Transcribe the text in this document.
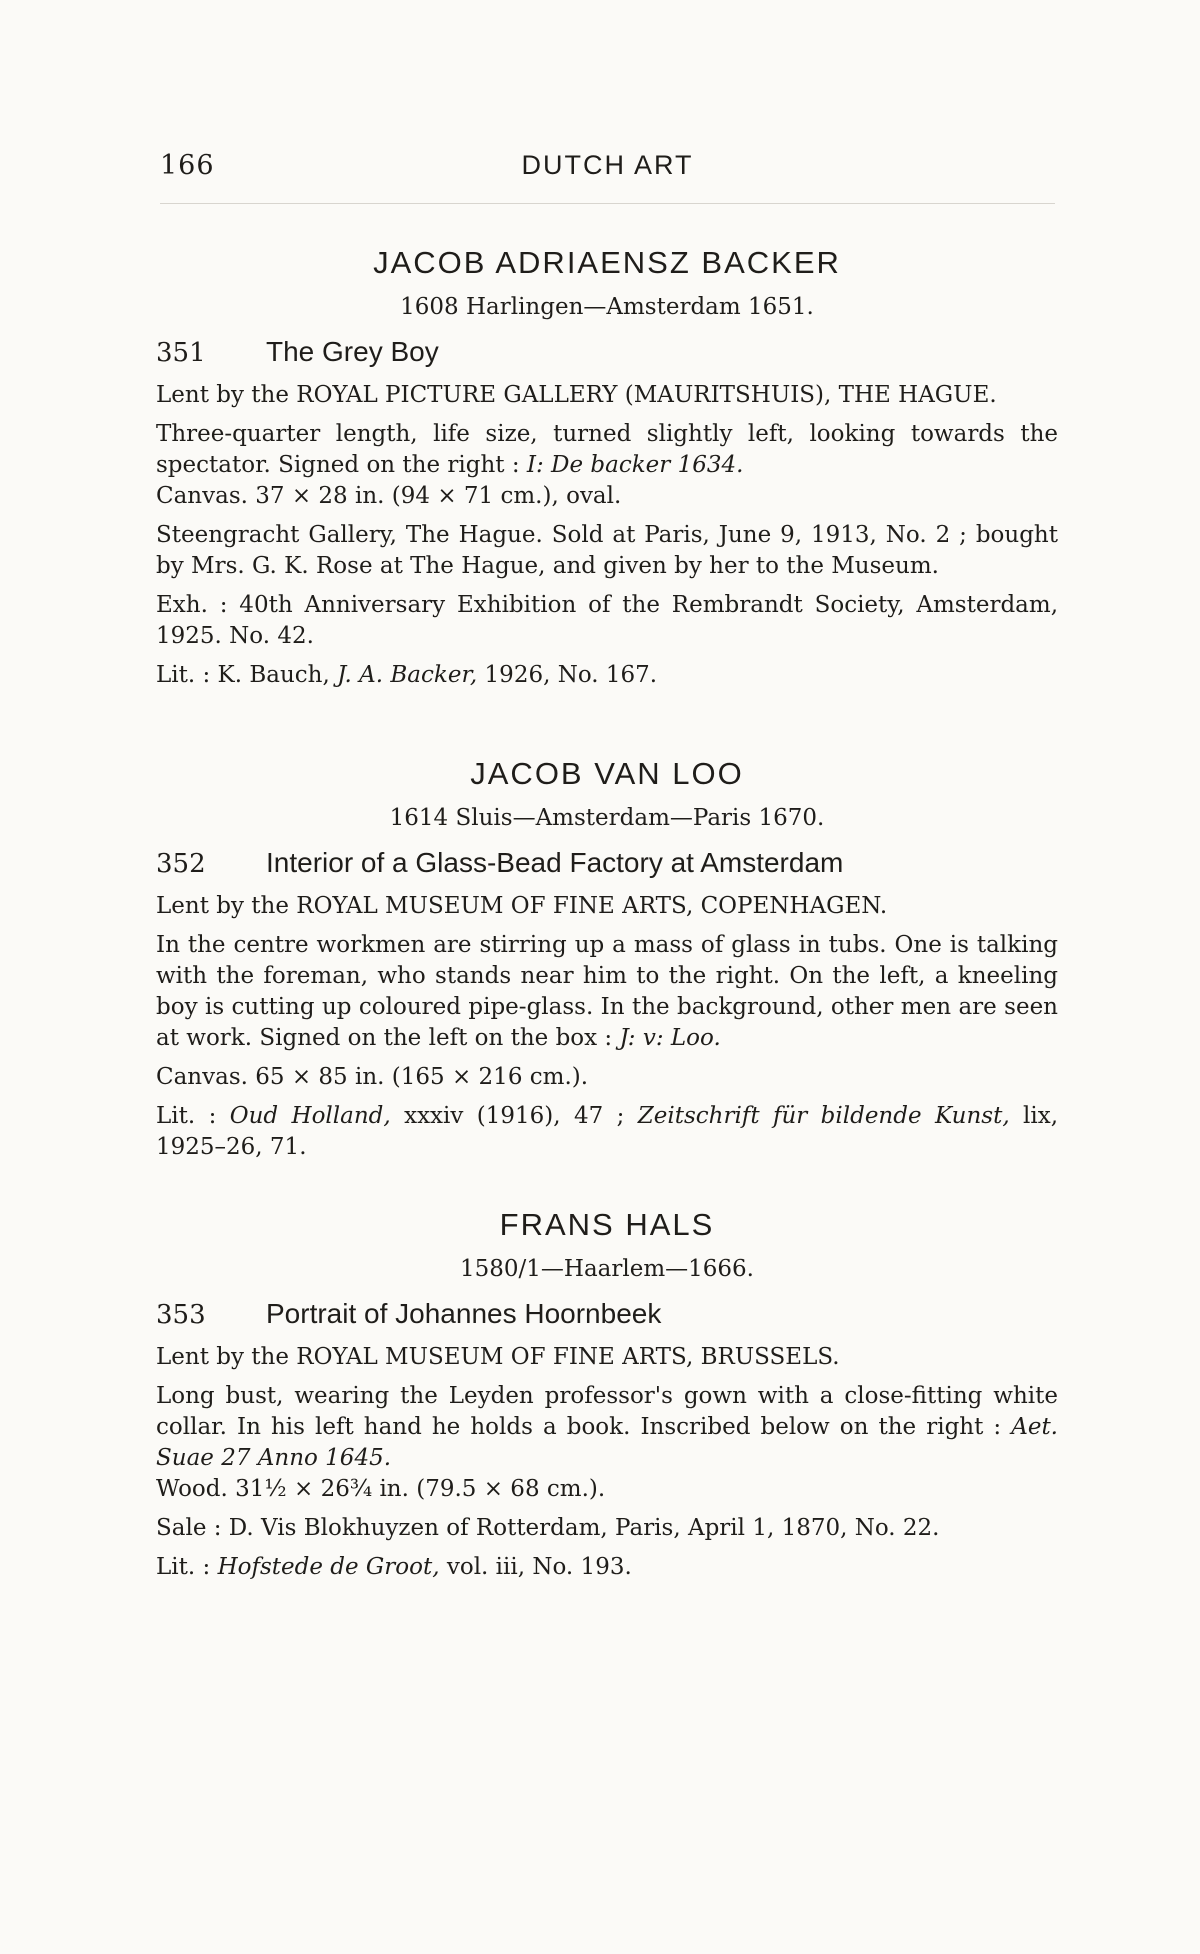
166	DUTCH ART
JACOB ADRIAENSZ BACKER
1608 Harlingen—Amsterdam 1651.
351	The Grey Boy
Lent by the ROYAL PICTURE GALLERY (MAURITSHUIS), THE HAGUE.
Three-quarter length, life size, turned slightly left, looking towards the spectator. Signed on the right : I: De backer 1634.
Canvas. 37 × 28 in. (94 × 71 cm.), oval.
Steengracht Gallery, The Hague. Sold at Paris, June 9, 1913, No. 2 ; bought by Mrs. G. K. Rose at The Hague, and given by her to the Museum.
Exh. : 40th Anniversary Exhibition of the Rembrandt Society, Amsterdam, 1925. No. 42.
Lit. : K. Bauch, J. A. Backer, 1926, No. 167.
JACOB VAN LOO
1614 Sluis—Amsterdam—Paris 1670.
352	Interior of a Glass-Bead Factory at Amsterdam
Lent by the ROYAL MUSEUM OF FINE ARTS, COPENHAGEN.
In the centre workmen are stirring up a mass of glass in tubs. One is talking with the foreman, who stands near him to the right. On the left, a kneeling boy is cutting up coloured pipe-glass. In the background, other men are seen at work. Signed on the left on the box : J: v: Loo.
Canvas. 65 × 85 in. (165 × 216 cm.).
Lit. : Oud Holland, xxxiv (1916), 47 ; Zeitschrift für bildende Kunst, lix, 1925–26, 71.
FRANS HALS
1580/1—Haarlem—1666.
353	Portrait of Johannes Hoornbeek
Lent by the ROYAL MUSEUM OF FINE ARTS, BRUSSELS.
Long bust, wearing the Leyden professor's gown with a close-fitting white collar. In his left hand he holds a book. Inscribed below on the right : Aet. Suae 27 Anno 1645.
Wood. 31½ × 26¾ in. (79.5 × 68 cm.).
Sale : D. Vis Blokhuyzen of Rotterdam, Paris, April 1, 1870, No. 22.
Lit. : Hofstede de Groot, vol. iii, No. 193.
